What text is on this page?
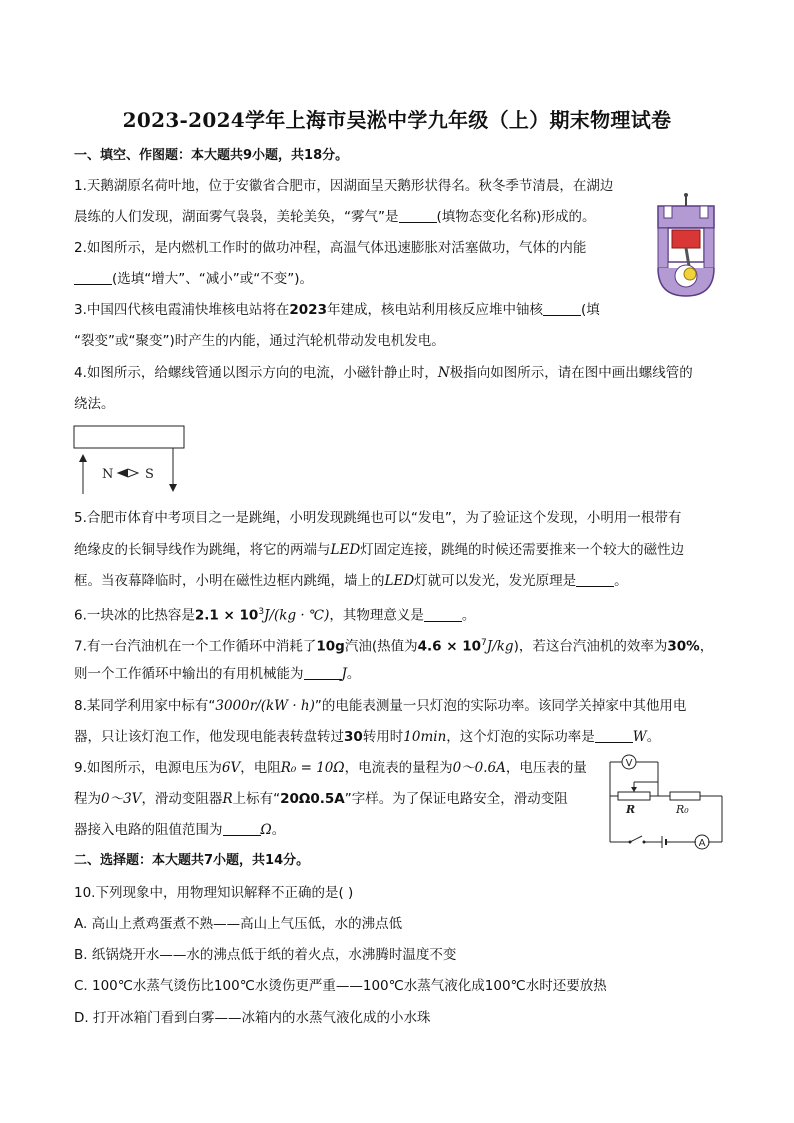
2023-2024学年上海市吴淞中学九年级（上）期末物理试卷
一、填空、作图题：本大题共9小题，共18分。
1.天鹅湖原名荷叶地，位于安徽省合肥市，因湖面呈天鹅形状得名。秋冬季节清晨，在湖边
晨练的人们发现，湖面雾气袅袅，美轮美奂，“雾气”是	(填物态变化名称)形成的。
2.如图所示，是内燃机工作时的做功冲程，高温气体迅速膨胀对活塞做功，气体的内能
(选填“增大”、“减小”或“不变”)。
3.中国四代核电霞浦快堆核电站将在2023年建成，核电站利用核反应堆中铀核	(填
“裂变”或“聚变”)时产生的内能，通过汽轮机带动发电机发电。
4.如图所示，给螺线管通以图示方向的电流，小磁针静止时，N极指向如图所示，请在图中画出螺线管的
绕法。
N S
5.合肥市体育中考项目之一是跳绳，小明发现跳绳也可以“发电”，为了验证这个发现，小明用一根带有
绝缘皮的长铜导线作为跳绳，将它的两端与LED灯固定连接，跳绳的时候还需要推来一个较大的磁性边
框。当夜幕降临时，小明在磁性边框内跳绳，墙上的LED灯就可以发光，发光原理是	。
6.一块冰的比热容是$2.1 \times 10^3J/(kg$ · ℃)，其物理意义是	。
7.有一台汽油机在一个工作循环中消耗了10g汽油(热值为$4.6 \times 10^7J/kg$)，若这台汽油机的效率为30%，
则一个工作循环中输出的有用机械能为	J。
8.某同学利用家中标有“3000r/(kW · h)”的电能表测量一只灯泡的实际功率。该同学关掉家中其他用电
器，只让该灯泡工作，他发现电能表转盘转过30转用时10min，这个灯泡的实际功率是	W。
9.如图所示，电源电压为6V，电阻R₀ = 10Ω，电流表的量程为0～0.6A，电压表的量
程为0～3V，滑动变阻器R上标有“20Ω0.5A”字样。为了保证电路安全，滑动变阻
器接入电路的阻值范围为	Ω。
V
R	R₀
A
二、选择题：本大题共7小题，共14分。
10.下列现象中，用物理知识解释不正确的是( )
A. 高山上煮鸡蛋煮不熟——高山上气压低，水的沸点低
B. 纸锅烧开水——水的沸点低于纸的着火点，水沸腾时温度不变
C. 100℃水蒸气烫伤比100℃水烫伤更严重——100℃水蒸气液化成100℃水时还要放热
D. 打开冰箱门看到白雾——冰箱内的水蒸气液化成的小水珠
